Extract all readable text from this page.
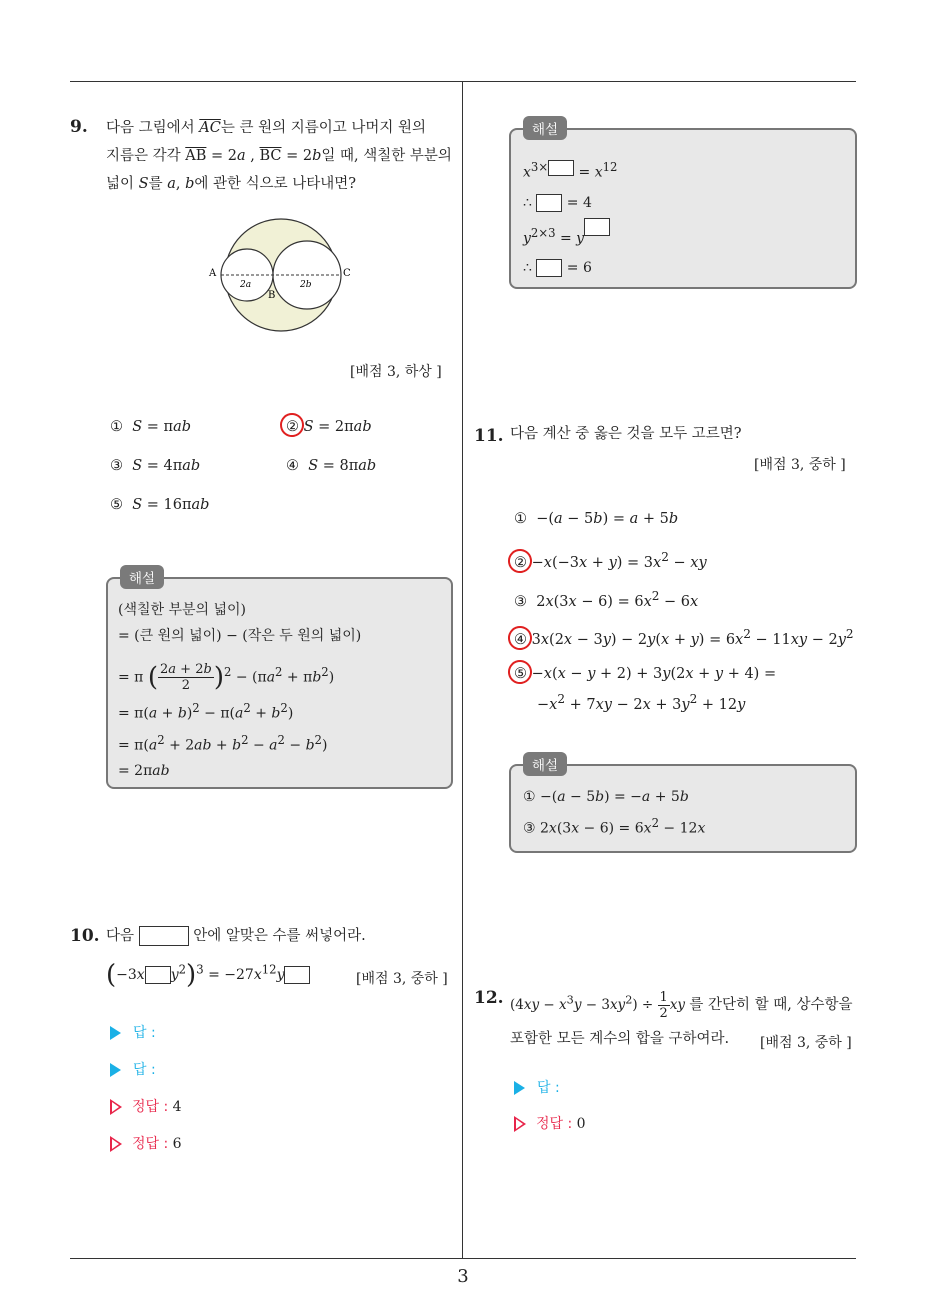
3
9. 다음 그림에서 $\overline{AC}$는 큰 원의 지름이고 나머지 원의
지름은 각각 $\overline{AB} = 2a$ , $\overline{BC} = 2b$일 때, 색칠한 부분의
넓이 S를 a, b에 관한 식으로 나타내면?
A
B
C
2a	2b
[배점 3, 하상 ]
①  S = πab	② S = 2πab
③  S = 4πab	④  S = 8πab
⑤  S = 16πab
해설
(색칠한 부분의 넓이)
= (큰 원의 넓이) − (작은 두 원의 넓이)
= π ( $\frac{2a + 2b}{2} )^2 - (\pi a^2 + \pi b^2)$
= $\pi(a + b)^2 - \pi(a^2 + b^2)$
= $\pi(a^2 + 2ab + b^2 - a^2 - b^2)$
= 2πab
10. 다음	안에 알맞은 수를 써넣어라.
(−3x $y^2)^3 = -27x^{12}y$	[배점 3, 중하 ]
답 :
답 :
정답 : 4
정답 : 6
해설
$x^{3\times} = x^{12}$
∴  = 4
$y^{2\times 3} = y$
∴  = 6
11. 다음 계산 중 옳은 것을 모두 고르면?
[배점 3, 중하 ]
①  −(a − 5b) = a + 5b
②
$-x(-3x + y) = 3x^2$ − xy
③  $2x(3x - 6) = 6x^2 - 6x$
④
$3x(2x - 3y) - 2y(x + y) = 6x^2 - 11xy - 2y^2$
⑤
−x(x − y + 2) + 3y(2x + y + 4) =
$-x^2 + 7xy - 2x + 3y^2 + 12y$
해설
① −(a − 5b) = −a + 5b
③ $2x(3x - 6) = 6x^2 - 12x$
12. $(4xy - x^3y - 3xy^2) \div \frac{1}{2}$ xy 를 간단히 할 때, 상수항을
포함한 모든 계수의 합을 구하여라. [배점 3, 중하 ]
답 :
정답 : 0
